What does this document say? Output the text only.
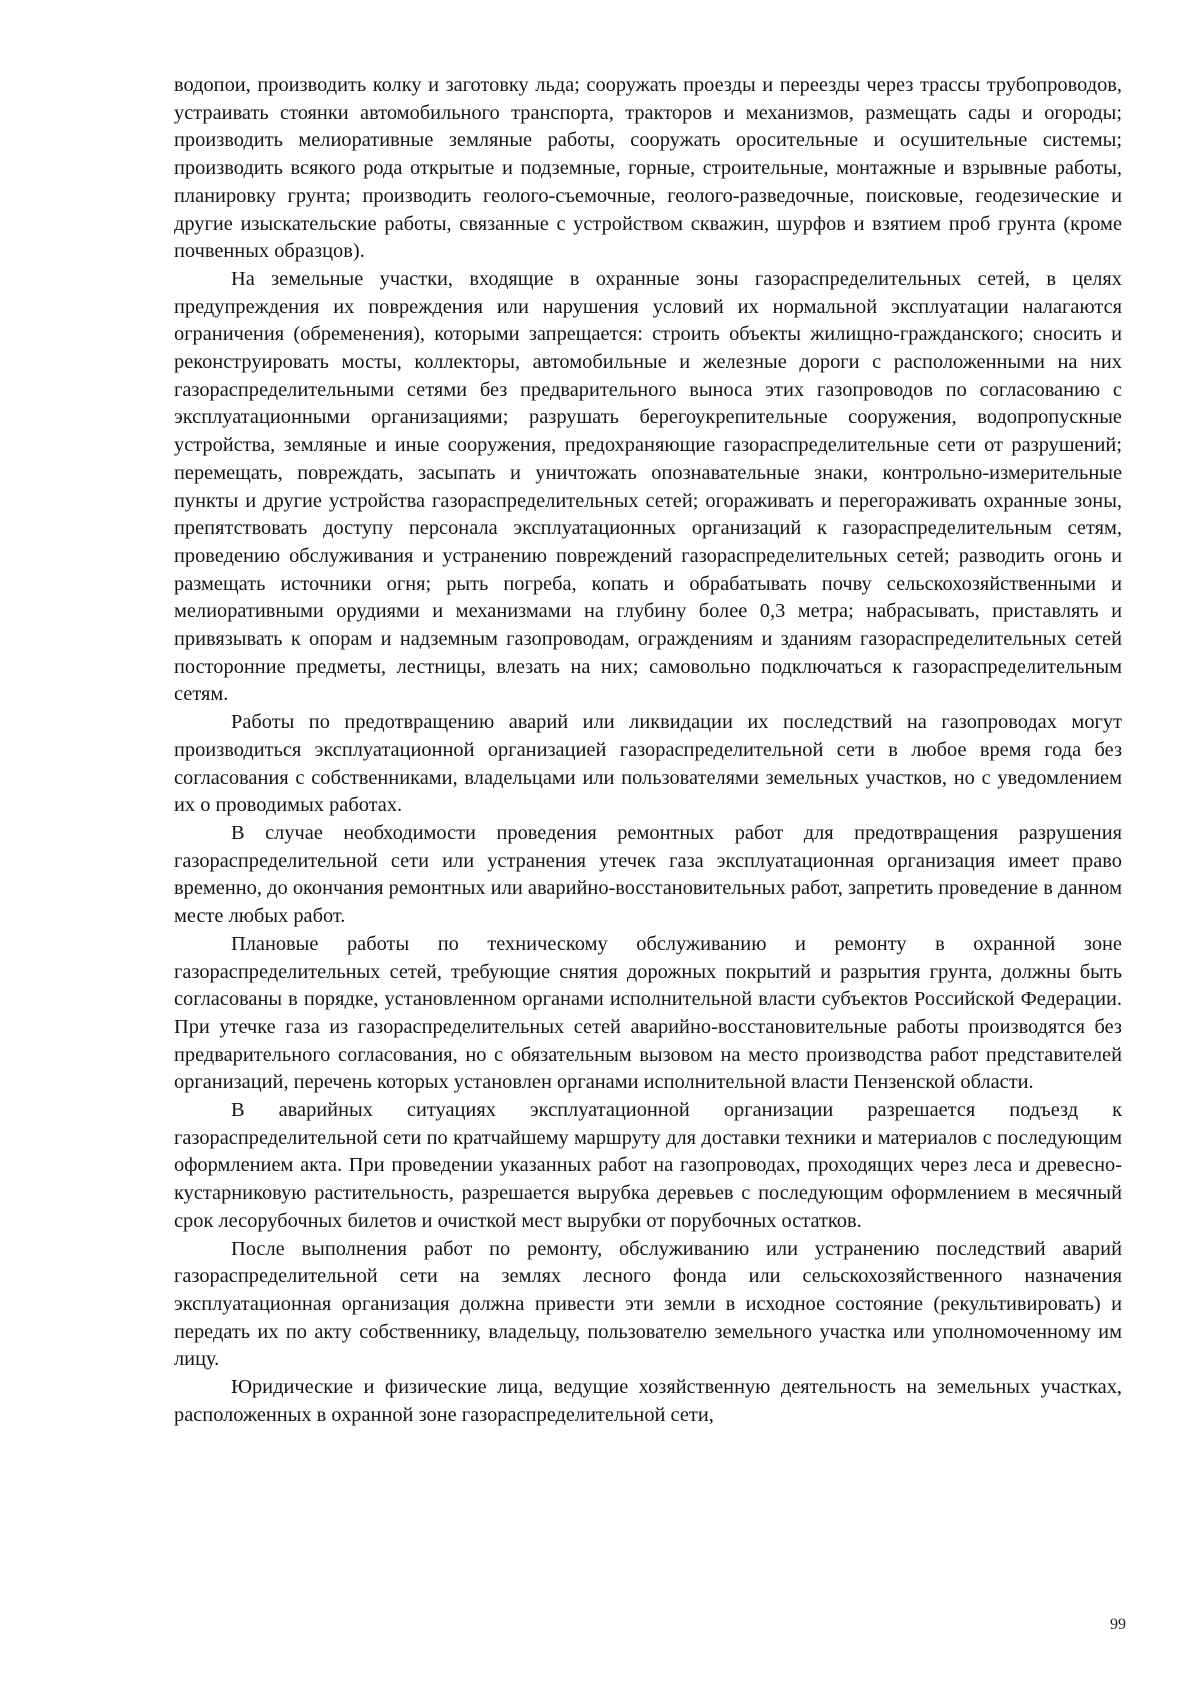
водопои, производить колку и заготовку льда; сооружать проезды и переезды через трассы трубопроводов, устраивать стоянки автомобильного транспорта, тракторов и механизмов, размещать сады и огороды; производить мелиоративные земляные работы, сооружать оросительные и осушительные системы; производить всякого рода открытые и подземные, горные, строительные, монтажные и взрывные работы, планировку грунта; производить геолого-съемочные, геолого-разведочные, поисковые, геодезические и другие изыскательские работы, связанные с устройством скважин, шурфов и взятием проб грунта (кроме почвенных образцов).

На земельные участки, входящие в охранные зоны газораспределительных сетей, в целях предупреждения их повреждения или нарушения условий их нормальной эксплуатации налагаются ограничения (обременения), которыми запрещается: строить объекты жилищно-гражданского; сносить и реконструировать мосты, коллекторы, автомобильные и железные дороги с расположенными на них газораспределительными сетями без предварительного выноса этих газопроводов по согласованию с эксплуатационными организациями; разрушать берегоукрепительные сооружения, водопропускные устройства, земляные и иные сооружения, предохраняющие газораспределительные сети от разрушений; перемещать, повреждать, засыпать и уничтожать опознавательные знаки, контрольно-измерительные пункты и другие устройства газораспределительных сетей; огораживать и перегораживать охранные зоны, препятствовать доступу персонала эксплуатационных организаций к газораспределительным сетям, проведению обслуживания и устранению повреждений газораспределительных сетей; разводить огонь и размещать источники огня; рыть погреба, копать и обрабатывать почву сельскохозяйственными и мелиоративными орудиями и механизмами на глубину более 0,3 метра; набрасывать, приставлять и привязывать к опорам и надземным газопроводам, ограждениям и зданиям газораспределительных сетей посторонние предметы, лестницы, влезать на них; самовольно подключаться к газораспределительным сетям.

Работы по предотвращению аварий или ликвидации их последствий на газопроводах могут производиться эксплуатационной организацией газораспределительной сети в любое время года без согласования с собственниками, владельцами или пользователями земельных участков, но с уведомлением их о проводимых работах.

В случае необходимости проведения ремонтных работ для предотвращения разрушения газораспределительной сети или устранения утечек газа эксплуатационная организация имеет право временно, до окончания ремонтных или аварийно-восстановительных работ, запретить проведение в данном месте любых работ.

Плановые работы по техническому обслуживанию и ремонту в охранной зоне газораспределительных сетей, требующие снятия дорожных покрытий и разрытия грунта, должны быть согласованы в порядке, установленном органами исполнительной власти субъектов Российской Федерации. При утечке газа из газораспределительных сетей аварийно-восстановительные работы производятся без предварительного согласования, но с обязательным вызовом на место производства работ представителей организаций, перечень которых установлен органами исполнительной власти Пензенской области.

В аварийных ситуациях эксплуатационной организации разрешается подъезд к газораспределительной сети по кратчайшему маршруту для доставки техники и материалов с последующим оформлением акта. При проведении указанных работ на газопроводах, проходящих через леса и древесно-кустарниковую растительность, разрешается вырубка деревьев с последующим оформлением в месячный срок лесорубочных билетов и очисткой мест вырубки от порубочных остатков.

После выполнения работ по ремонту, обслуживанию или устранению последствий аварий газораспределительной сети на землях лесного фонда или сельскохозяйственного назначения эксплуатационная организация должна привести эти земли в исходное состояние (рекультивировать) и передать их по акту собственнику, владельцу, пользователю земельного участка или уполномоченному им лицу.

Юридические и физические лица, ведущие хозяйственную деятельность на земельных участках, расположенных в охранной зоне газораспределительной сети,

99
